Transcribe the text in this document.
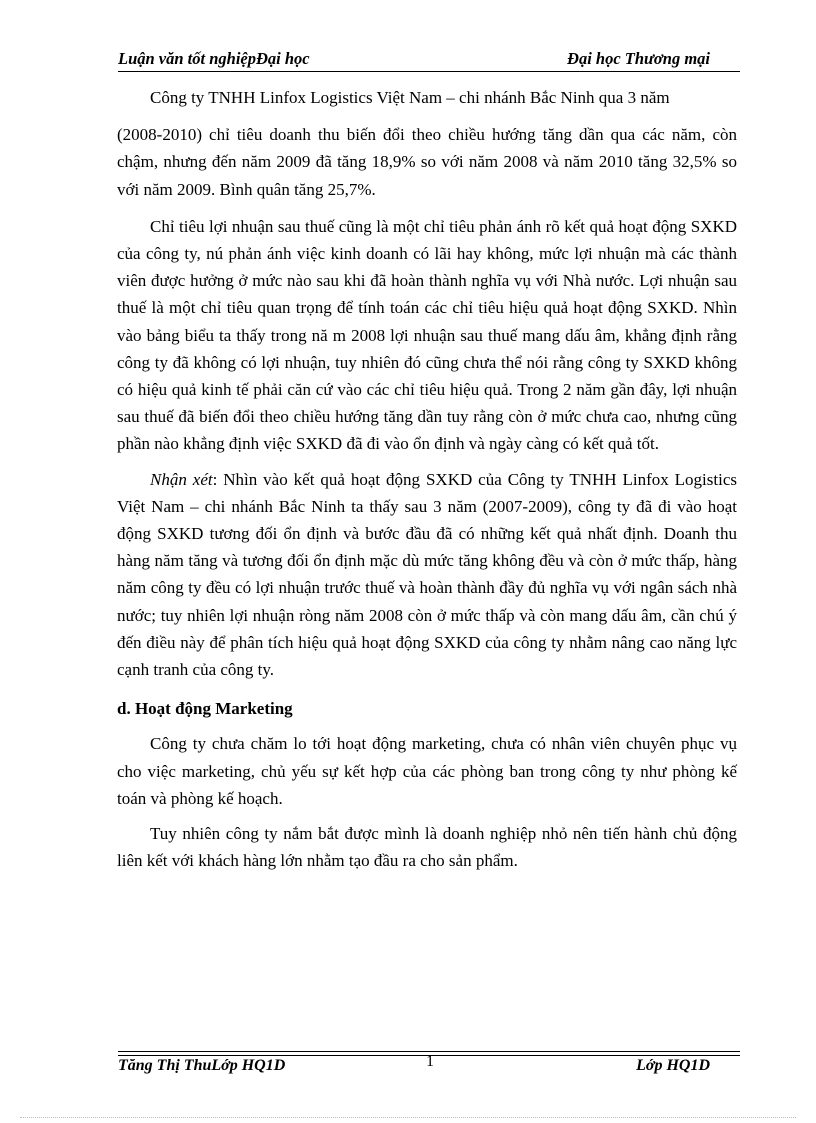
Luận văn tốt nghiệpĐại học	Đại học Thương mại

Công ty TNHH Linfox Logistics Việt Nam – chi nhánh Bắc Ninh qua 3 năm

(2008-2010) chỉ tiêu doanh thu biến đổi theo chiều hướng tăng dần qua các năm, còn chậm, nhưng đến năm 2009 đã tăng 18,9% so với năm 2008 và năm 2010 tăng 32,5% so với năm 2009. Bình quân tăng 25,7%.

Chỉ tiêu lợi nhuận sau thuế cũng là một chỉ tiêu phản ánh rõ kết quả hoạt động SXKD của công ty, nú phản ánh việc kinh doanh có lãi hay không, mức lợi nhuận mà các thành viên được hưởng ở mức nào sau khi đã hoàn thành nghĩa vụ với Nhà nước. Lợi nhuận sau thuế là một chỉ tiêu quan trọng để tính toán các chỉ tiêu hiệu quả hoạt động SXKD. Nhìn vào bảng biểu ta thấy trong nă m 2008 lợi nhuận sau thuế mang dấu âm, khẳng định rằng công ty đã không có lợi nhuận, tuy nhiên đó cũng chưa thể nói rằng công ty SXKD không có hiệu quả kinh tế phải căn cứ vào các chỉ tiêu hiệu quả. Trong 2 năm gần đây, lợi nhuận sau thuế đã biến đổi theo chiều hướng tăng dần tuy rằng còn ở mức chưa cao, nhưng cũng phần nào khẳng định việc SXKD đã đi vào ổn định và ngày càng có kết quả tốt.

Nhận xét: Nhìn vào kết quả hoạt động SXKD của Công ty TNHH Linfox Logistics Việt Nam – chi nhánh Bắc Ninh ta thấy sau 3 năm (2007-2009), công ty đã đi vào hoạt động SXKD tương đối ổn định và bước đầu đã có những kết quả nhất định. Doanh thu hàng năm tăng và tương đối ổn định mặc dù mức tăng không đều và còn ở mức thấp, hàng năm công ty đều có lợi nhuận trước thuế và hoàn thành đầy đủ nghĩa vụ với ngân sách nhà nước; tuy nhiên lợi nhuận ròng năm 2008 còn ở mức thấp và còn mang dấu âm, cần chú ý đến điều này để phân tích hiệu quả hoạt động SXKD của công ty nhằm nâng cao năng lực cạnh tranh của công ty.

d. Hoạt động Marketing

Công ty chưa chăm lo tới hoạt động marketing, chưa có nhân viên chuyên phục vụ cho việc marketing, chủ yếu sự kết hợp của các phòng ban trong công ty như phòng kế toán và phòng kế hoạch.

Tuy nhiên công ty nắm bắt được mình là doanh nghiệp nhỏ nên tiến hành chủ động liên kết với khách hàng lớn nhằm tạo đầu ra cho sản phẩm.

Tăng Thị ThuLớp HQ1D	1	Lớp HQ1D
